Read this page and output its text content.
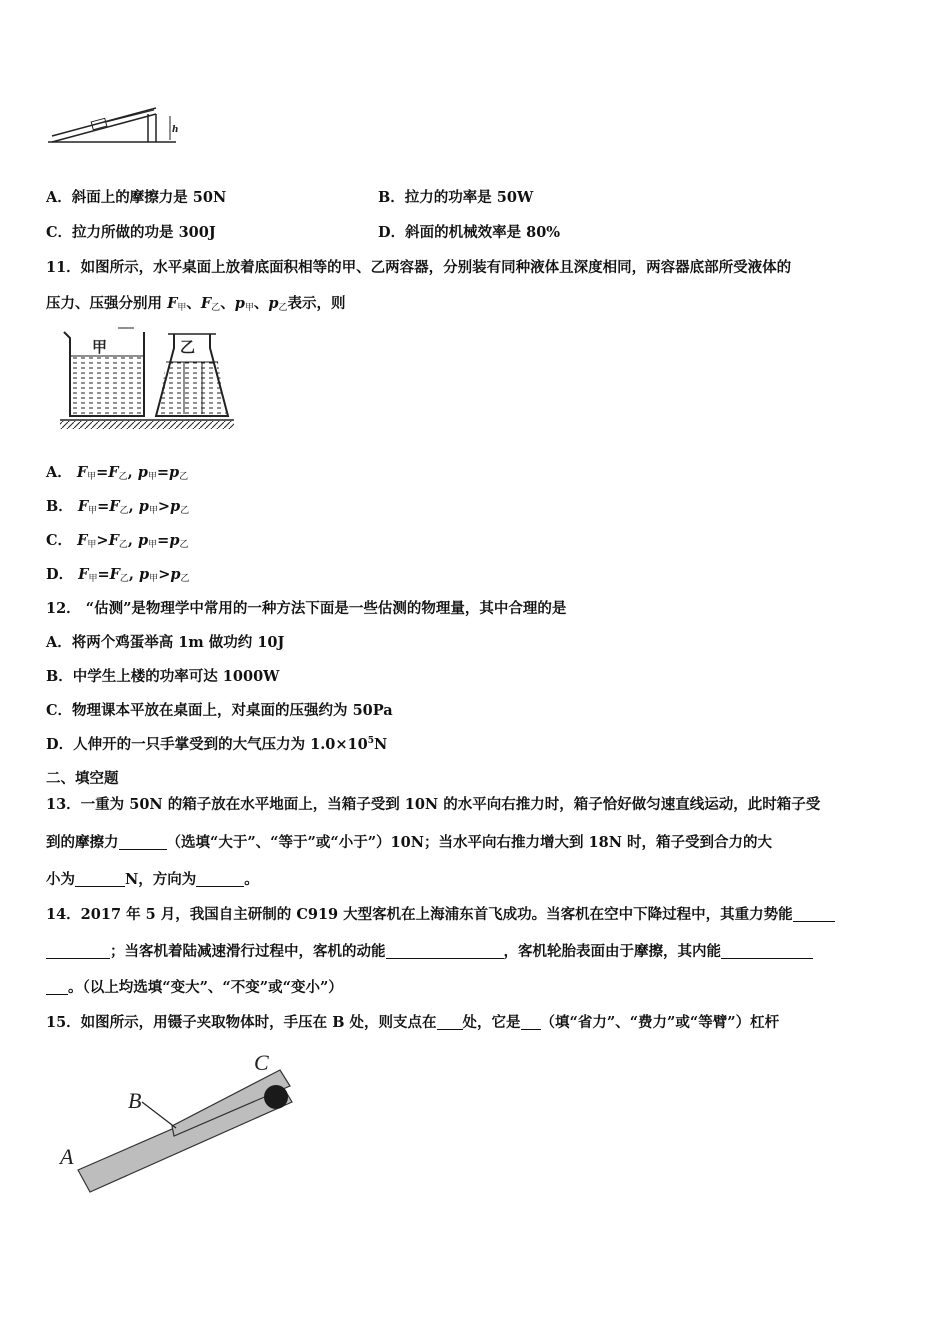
h
A．斜面上的摩擦力是 50N	B．拉力的功率是 50W
C．拉力所做的功是 300J	D．斜面的机械效率是 80%
11．如图所示，水平桌面上放着底面积相等的甲、乙两容器，分别装有同种液体且深度相同，两容器底部所受液体的
压力、压强分别用 $F_甲$、$F_乙$、$p_甲$、$p_乙$表示，则
甲	乙
A． $F_甲=F_乙$, $p_甲=p_乙$
B． $F_甲=F_乙$, $p_甲>p_乙$
C． $F_甲>F_乙$, $p_甲=p_乙$
D． $F_甲=F_乙$, $p_甲>p_乙$
12． “估测”是物理学中常用的一种方法下面是一些估测的物理量，其中合理的是
A．将两个鸡蛋举高 1m 做功约 10J
B．中学生上楼的功率可达 1000W
C．物理课本平放在桌面上，对桌面的压强约为 50Pa
D．人伸开的一只手掌受到的大气压力为 $1.0\times 10^5N$
二、填空题
13．一重为 50N 的箱子放在水平地面上，当箱子受到 10N 的水平向右推力时，箱子恰好做匀速直线运动，此时箱子受
到的摩擦力	（选填“大于”、“等于”或“小于”）10N；当水平向右推力增大到 18N 时，箱子受到合力的大
小为	N，方向为	。
14．2017 年 5 月，我国自主研制的 C919 大型客机在上海浦东首飞成功。当客机在空中下降过程中，其重力势能
；当客机着陆减速滑行过程中，客机的动能	，客机轮胎表面由于摩擦，其内能
。（以上均选填“变大”、“不变”或“变小”）
15．如图所示，用镊子夹取物体时，手压在 B 处，则支点在 处，它是 （填“省力”、“费力”或“等臂”）杠杆
B
A
C
